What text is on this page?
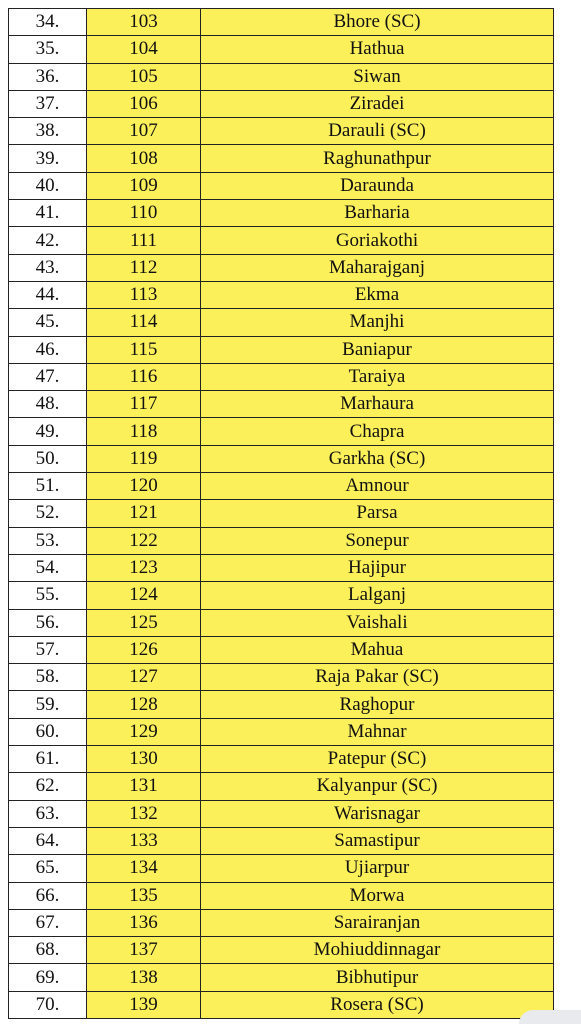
34.	103	Bhore (SC)
35.	104	Hathua
36.	105	Siwan
37.	106	Ziradei
38.	107	Darauli (SC)
39.	108	Raghunathpur
40.	109	Daraunda
41.	110	Barharia
42.	111	Goriakothi
43.	112	Maharajganj
44.	113	Ekma
45.	114	Manjhi
46.	115	Baniapur
47.	116	Taraiya
48.	117	Marhaura
49.	118	Chapra
50.	119	Garkha (SC)
51.	120	Amnour
52.	121	Parsa
53.	122	Sonepur
54.	123	Hajipur
55.	124	Lalganj
56.	125	Vaishali
57.	126	Mahua
58.	127	Raja Pakar (SC)
59.	128	Raghopur
60.	129	Mahnar
61.	130	Patepur (SC)
62.	131	Kalyanpur (SC)
63.	132	Warisnagar
64.	133	Samastipur
65.	134	Ujiarpur
66.	135	Morwa
67.	136	Sarairanjan
68.	137	Mohiuddinnagar
69.	138	Bibhutipur
70.	139	Rosera (SC)
